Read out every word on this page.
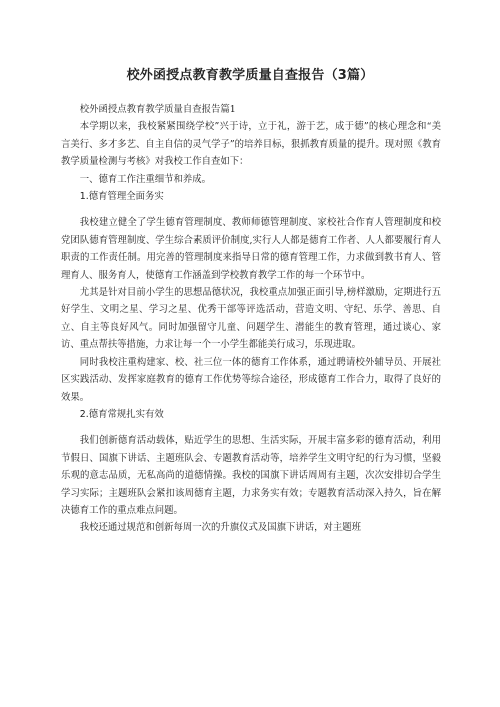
校外函授点教育教学质量自查报告（3篇）

校外函授点教育教学质量自查报告篇1

本学期以来，我校紧紧围绕学校”兴于诗，立于礼，游于艺，成于德”的核心理念和“美言美行、多才多艺、自主自信的灵气学子”的培养目标，狠抓教育质量的提升。现对照《教育教学质量检测与考核》对我校工作自查如下：

一、德育工作注重细节和养成。

1.德育管理全面务实

我校建立健全了学生德育管理制度、教师师德管理制度、家校社合作育人管理制度和校党团队德育管理制度、学生综合素质评价制度,实行人人都是德育工作者、人人都要履行育人职责的工作责任制。用完善的管理制度来指导日常的德育管理工作，力求做到教书育人、管理育人、服务育人，使德育工作涵盖到学校教育教学工作的每一个环节中。

尤其是针对目前小学生的思想品德状况，我校重点加强正面引导,榜样激励，定期进行五好学生、文明之星、学习之星、优秀干部等评选活动，营造文明、守纪、乐学、善思、自立、自主等良好风气。同时加强留守儿童、问题学生、潜能生的教育管理，通过谈心、家访、重点帮扶等措施，力求让每一个一小学生都能美行成习，乐现进取。

同时我校注重构建家、校、社三位一体的德育工作体系，通过聘请校外辅导员、开展社区实践活动、发挥家庭教育的德育工作优势等综合途径，形成德育工作合力，取得了良好的效果。

2.德育常规扎实有效

我们创新德育活动载体，贴近学生的思想、生活实际，开展丰富多彩的德育活动，利用节假日、国旗下讲话、主题班队会、专题教育活动等，培养学生文明守纪的行为习惯，坚毅乐观的意志品质，无私高尚的道德情操。我校的国旗下讲话周周有主题，次次安排切合学生学习实际；主题班队会紧扣该周德育主题，力求务实有效；专题教育活动深入持久，旨在解决德育工作的重点难点问题。

我校还通过规范和创新每周一次的升旗仪式及国旗下讲话，对主题班
